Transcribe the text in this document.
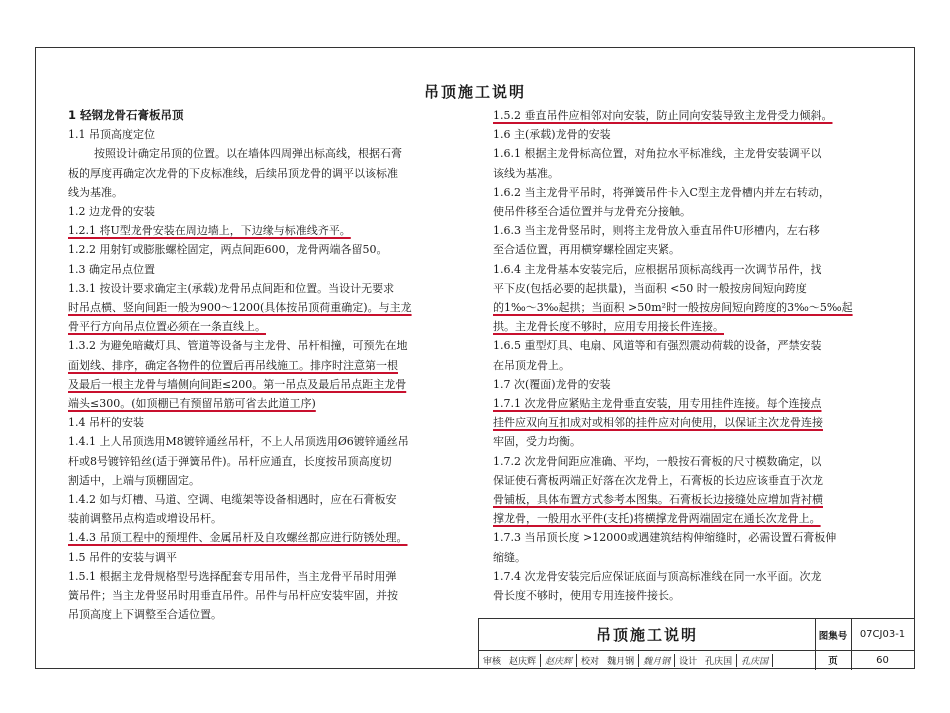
吊顶施工说明
1 轻钢龙骨石膏板吊顶
1.1 吊顶高度定位
按照设计确定吊顶的位置。以在墙体四周弹出标高线，根据石膏
板的厚度再确定次龙骨的下皮标准线，后续吊顶龙骨的调平以该标准
线为基准。
1.2 边龙骨的安装
1.2.1 将U型龙骨安装在周边墙上，下边缘与标准线齐平。
1.2.2 用射钉或膨胀螺栓固定，两点间距600，龙骨两端各留50。
1.3 确定吊点位置
1.3.1 按设计要求确定主(承载)龙骨吊点间距和位置。当设计无要求
时吊点横、竖向间距一般为900～1200(具体按吊顶荷重确定)。与主龙
骨平行方向吊点位置必须在一条直线上。
1.3.2 为避免暗藏灯具、管道等设备与主龙骨、吊杆相撞，可预先在地
面划线、排序，确定各物件的位置后再吊线施工。排序时注意第一根
及最后一根主龙骨与墙侧向间距≤200。第一吊点及最后吊点距主龙骨
端头≤300。(如顶棚已有预留吊筋可省去此道工序)
1.4 吊杆的安装
1.4.1 上人吊顶选用M8镀锌通丝吊杆，不上人吊顶选用Ø6镀锌通丝吊
杆或8号镀锌铅丝(适于弹簧吊件)。吊杆应通直，长度按吊顶高度切
割适中，上端与顶棚固定。
1.4.2 如与灯槽、马道、空调、电缆架等设备相遇时，应在石膏板安
装前调整吊点构造或增设吊杆。
1.4.3 吊顶工程中的预埋件、金属吊杆及自攻螺丝都应进行防锈处理。
1.5 吊件的安装与调平
1.5.1 根据主龙骨规格型号选择配套专用吊件，当主龙骨平吊时用弹
簧吊件；当主龙骨竖吊时用垂直吊件。吊件与吊杆应安装牢固，并按
吊顶高度上下调整至合适位置。
1.5.2 垂直吊件应相邻对向安装，防止同向安装导致主龙骨受力倾斜。
1.6 主(承载)龙骨的安装
1.6.1 根据主龙骨标高位置，对角拉水平标准线，主龙骨安装调平以
该线为基准。
1.6.2 当主龙骨平吊时，将弹簧吊件卡入C型主龙骨槽内并左右转动，
使吊件移至合适位置并与龙骨充分接触。
1.6.3 当主龙骨竖吊时，则将主龙骨放入垂直吊件U形槽内，左右移
至合适位置，再用横穿螺栓固定夹紧。
1.6.4 主龙骨基本安装完后，应根据吊顶标高线再一次调节吊件，找
平下皮(包括必要的起拱量)，当面积 <50 时一般按房间短向跨度
的1‰～3‰起拱；当面积 >50m²时一般按房间短向跨度的3‰～5‰起
拱。主龙骨长度不够时，应用专用接长件连接。
1.6.5 重型灯具、电扇、风道等和有强烈震动荷载的设备，严禁安装
在吊顶龙骨上。
1.7 次(覆面)龙骨的安装
1.7.1 次龙骨应紧贴主龙骨垂直安装，用专用挂件连接。每个连接点
挂件应双向互扣成对或相邻的挂件应对向使用，以保证主次龙骨连接
牢固，受力均衡。
1.7.2 次龙骨间距应准确、平均，一般按石膏板的尺寸模数确定，以
保证使石膏板两端正好落在次龙骨上，石膏板的长边应该垂直于次龙
骨铺板，具体布置方式参考本图集。石膏板长边接缝处应增加背衬横
撑龙骨，一般用水平件(支托)将横撑龙骨两端固定在通长次龙骨上。
1.7.3 当吊顶长度 >12000或遇建筑结构伸缩缝时，必需设置石膏板伸
缩缝。
1.7.4 次龙骨安装完后应保证底面与顶高标准线在同一水平面。次龙
骨长度不够时，使用专用连接件接长。
吊顶施工说明	图集号	07CJ03-1
审核 赵庆辉	赵庆辉	校对 魏月钢	魏月钢	设计 孔庆国	孔庆国	页	60
